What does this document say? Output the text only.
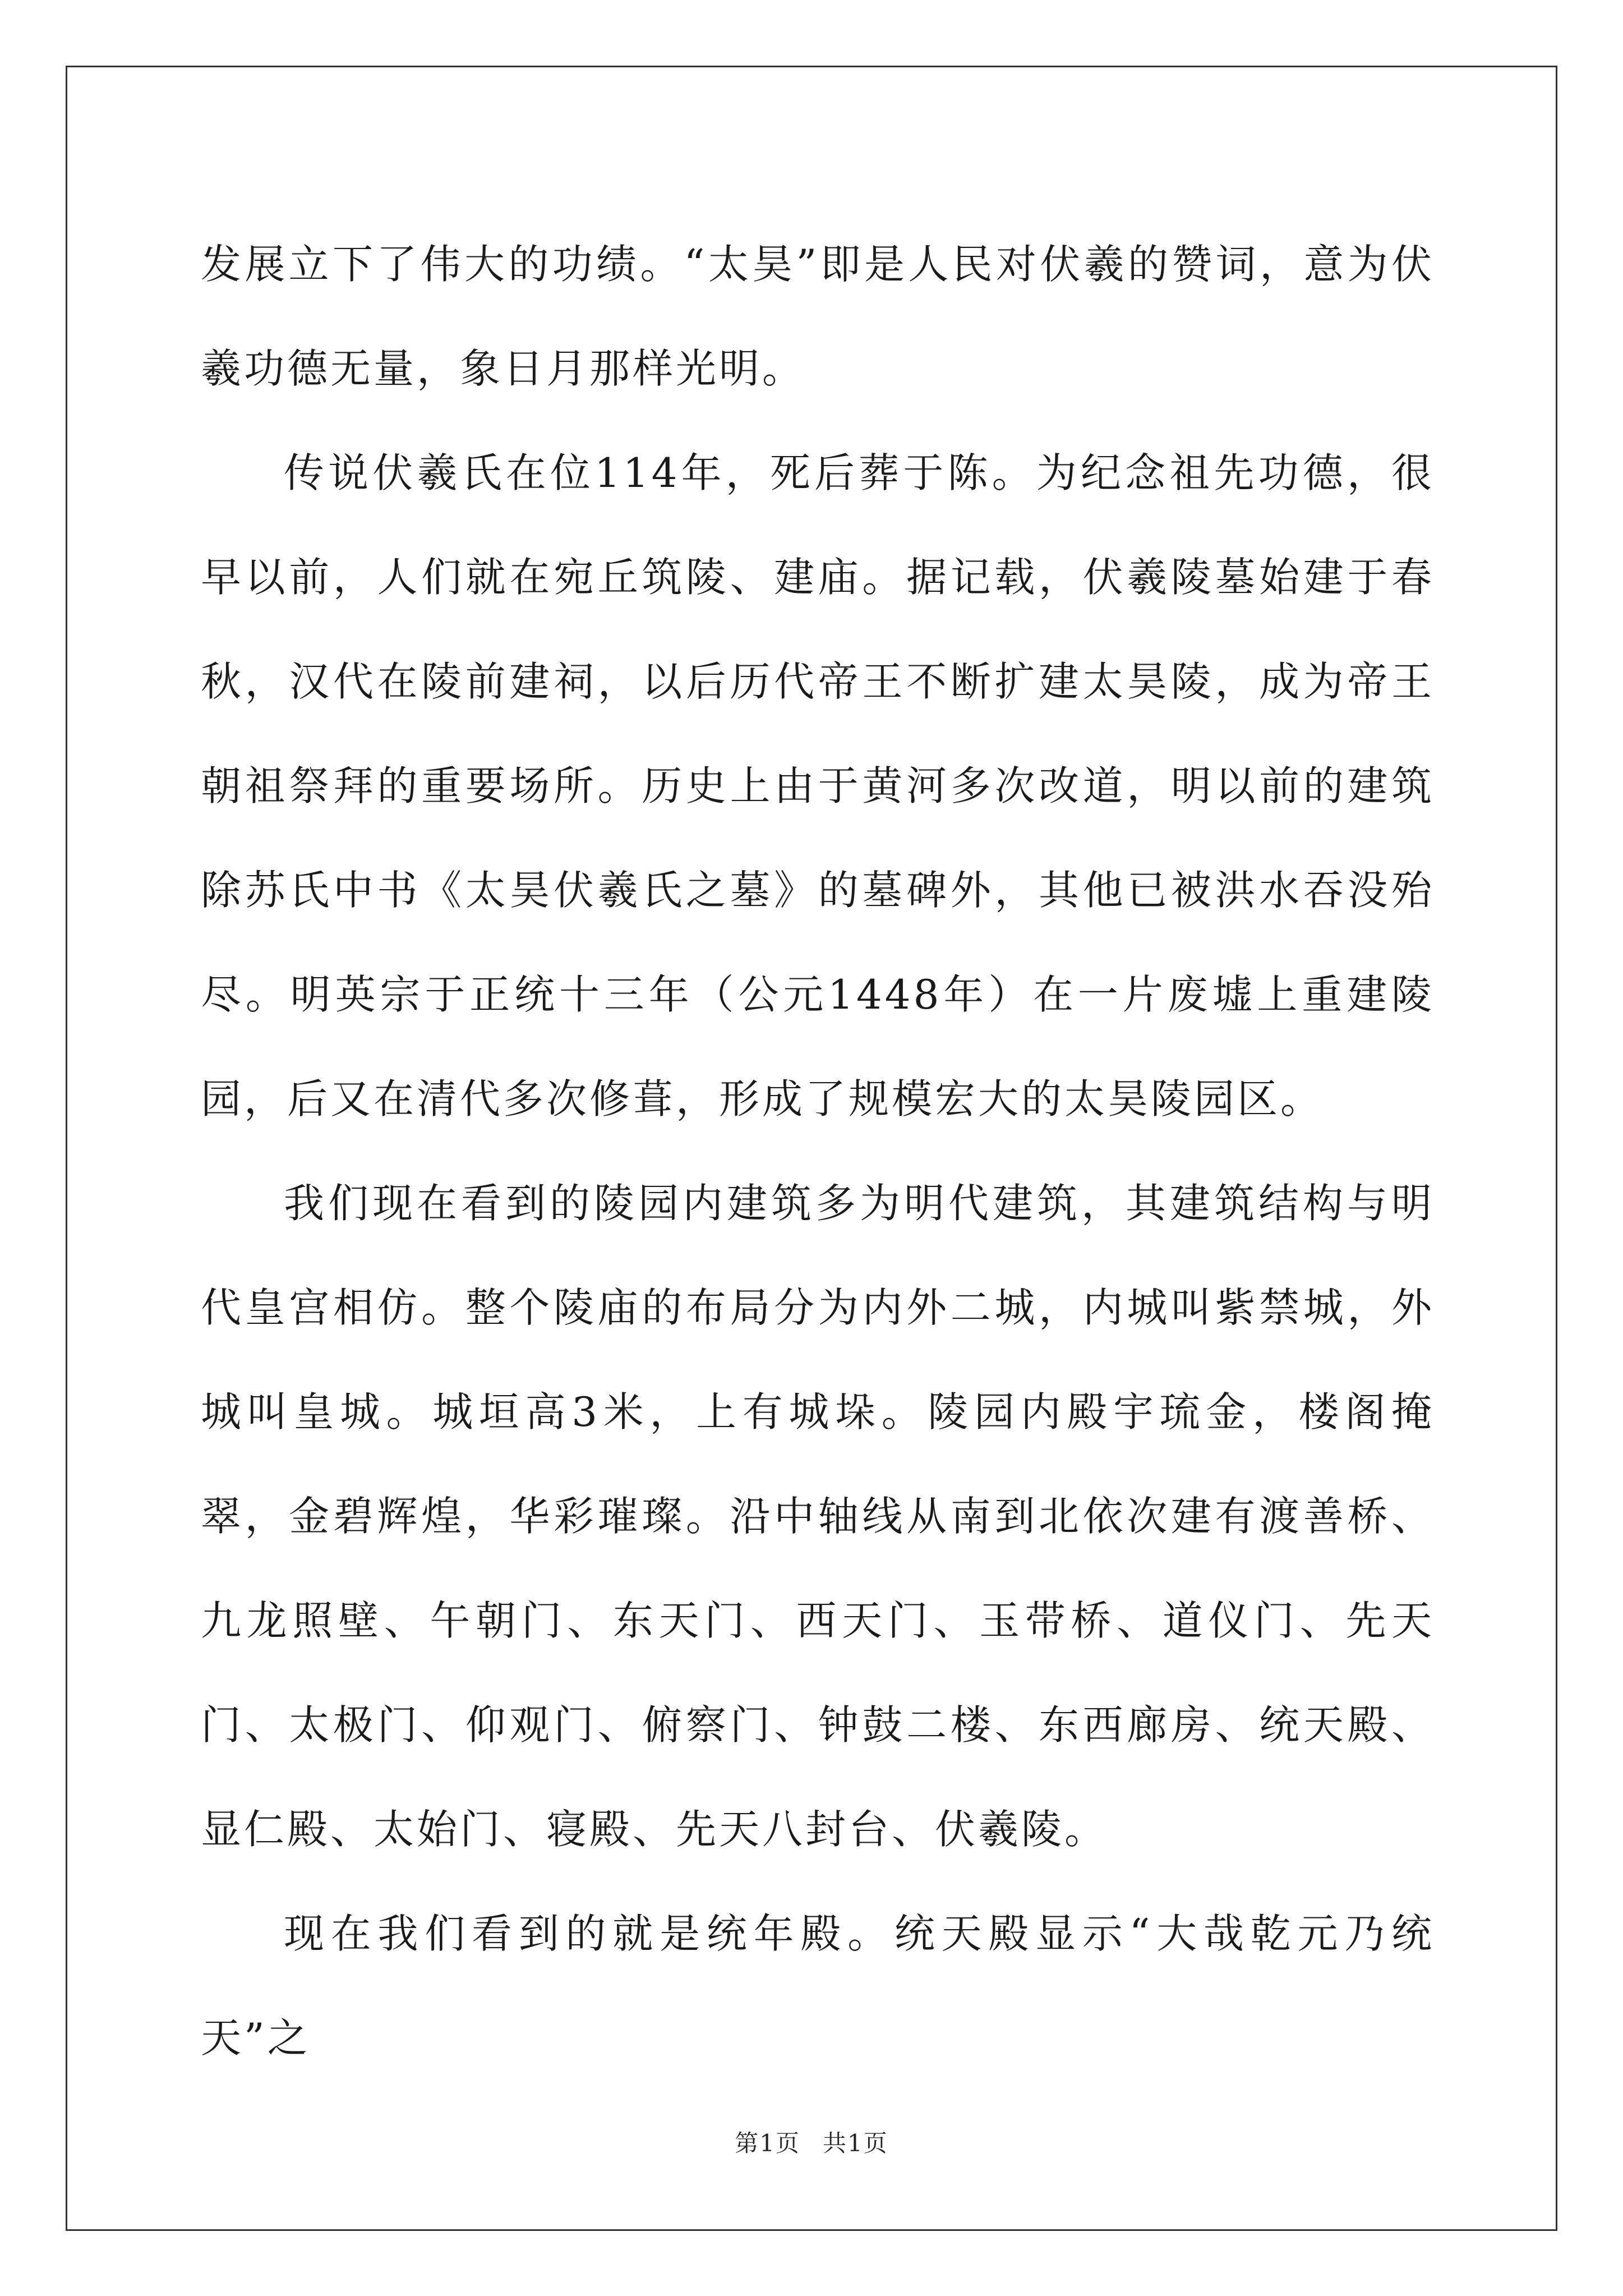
发展立下了伟大的功绩。“太昊”即是人民对伏羲的赞词，意为伏羲功德无量，象日月那样光明。

传说伏羲氏在位114年，死后葬于陈。为纪念祖先功德，很早以前，人们就在宛丘筑陵、建庙。据记载，伏羲陵墓始建于春秋，汉代在陵前建祠，以后历代帝王不断扩建太昊陵，成为帝王朝祖祭拜的重要场所。历史上由于黄河多次改道，明以前的建筑除苏氏中书《太昊伏羲氏之墓》的墓碑外，其他已被洪水吞没殆尽。明英宗于正统十三年（公元1448年）在一片废墟上重建陵园，后又在清代多次修葺，形成了规模宏大的太昊陵园区。

我们现在看到的陵园内建筑多为明代建筑，其建筑结构与明代皇宫相仿。整个陵庙的布局分为内外二城，内城叫紫禁城，外城叫皇城。城垣高3米，上有城垛。陵园内殿宇琉金，楼阁掩翠，金碧辉煌，华彩璀璨。沿中轴线从南到北依次建有渡善桥、九龙照壁、午朝门、东天门、西天门、玉带桥、道仪门、先天门、太极门、仰观门、俯察门、钟鼓二楼、东西廊房、统天殿、显仁殿、太始门、寝殿、先天八封台、伏羲陵。

现在我们看到的就是统年殿。统天殿显示“大哉乾元乃统天”之

第1页 共1页
